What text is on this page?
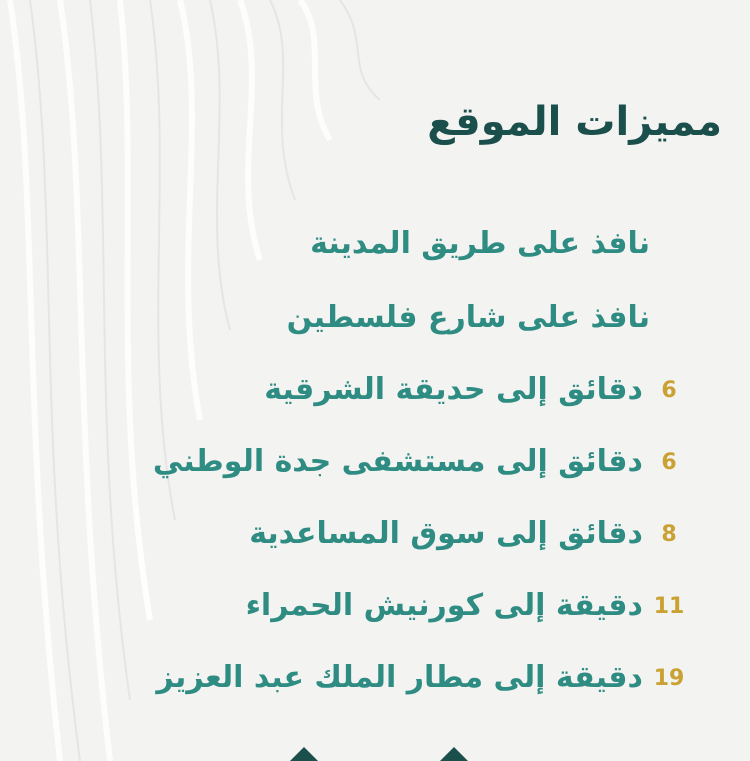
مميزات الموقع
نافذ على طريق المدينة
نافذ على شارع فلسطين
6 دقائق إلى حديقة الشرقية
6 دقائق إلى مستشفى جدة الوطني
8 دقائق إلى سوق المساعدية
11 دقيقة إلى كورنيش الحمراء
19 دقيقة إلى مطار الملك عبد العزيز
